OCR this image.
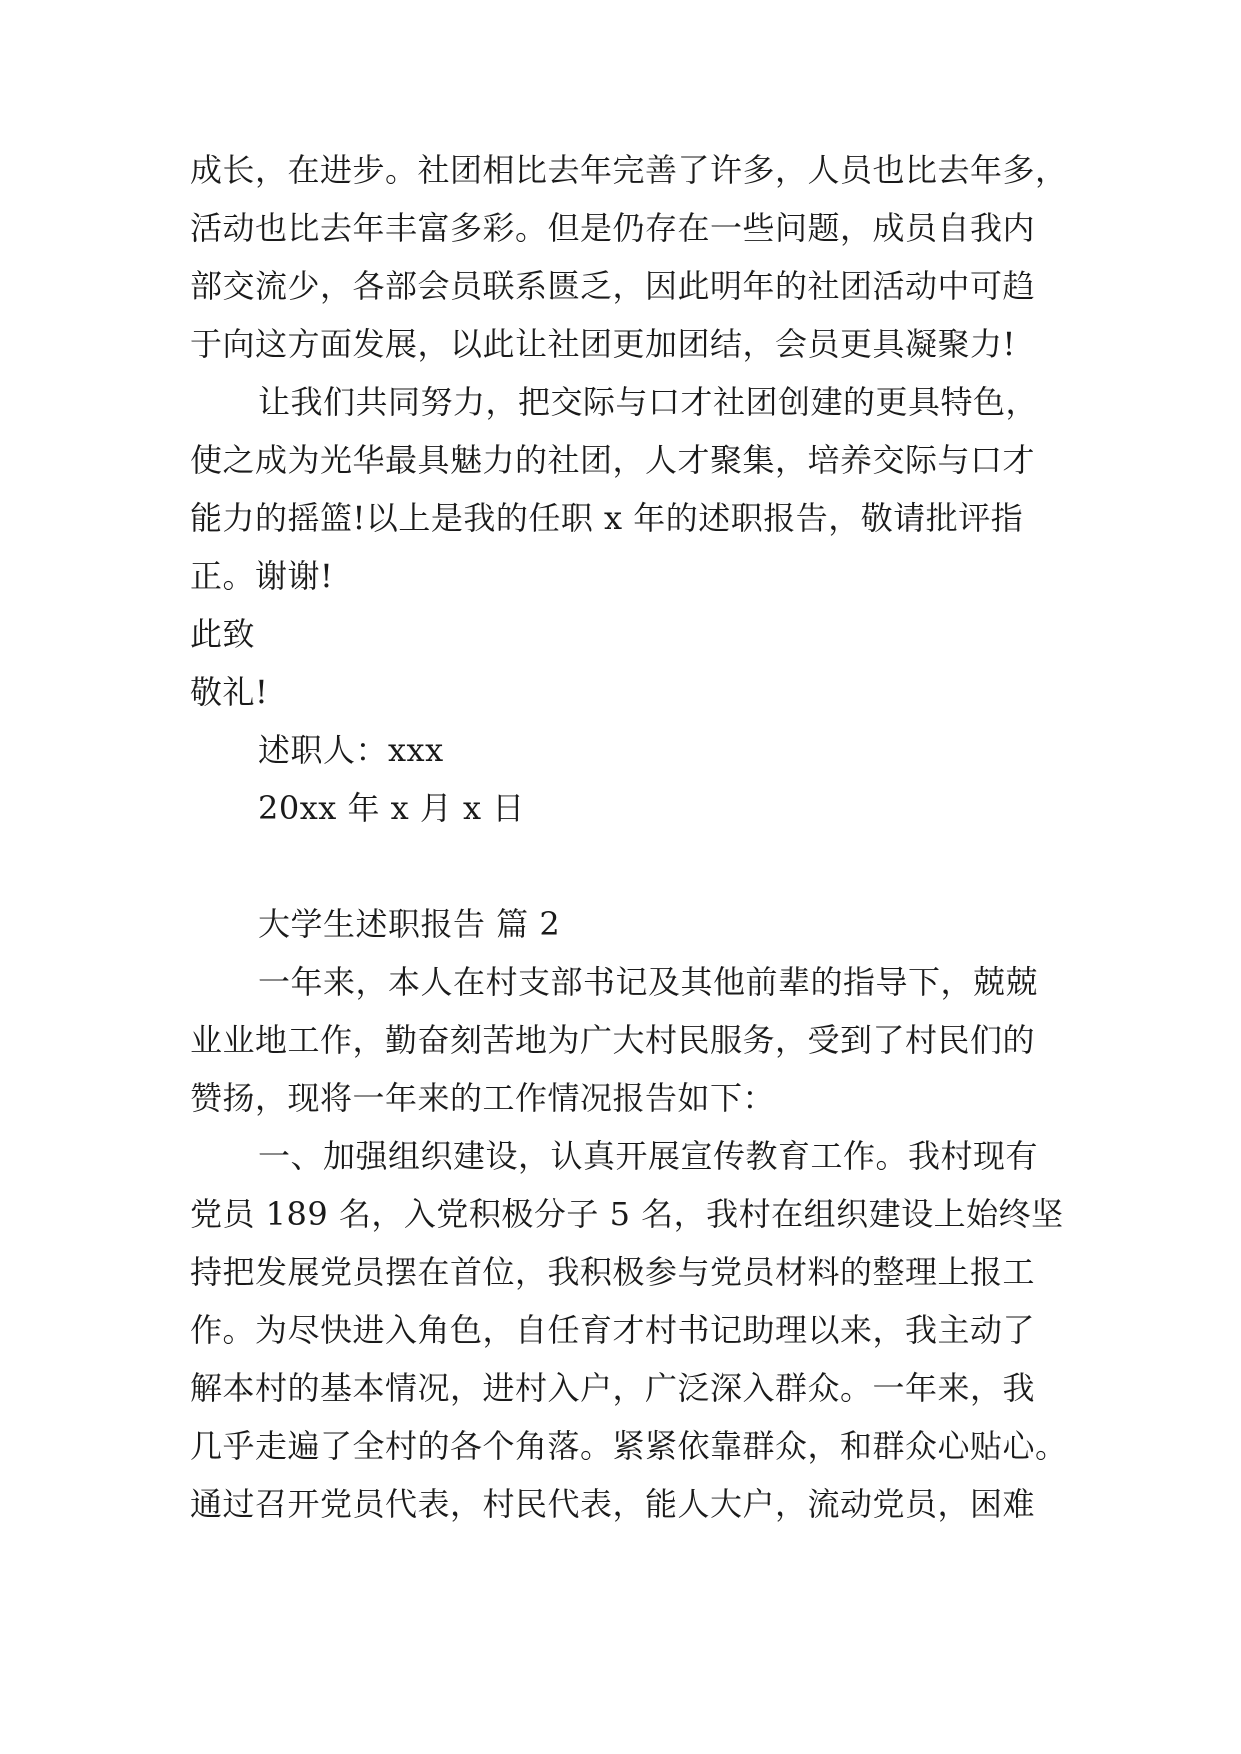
成长，在进步。社团相比去年完善了许多，人员也比去年多，
活动也比去年丰富多彩。但是仍存在一些问题，成员自我内
部交流少，各部会员联系匮乏，因此明年的社团活动中可趋
于向这方面发展，以此让社团更加团结，会员更具凝聚力!
让我们共同努力，把交际与口才社团创建的更具特色，
使之成为光华最具魅力的社团，人才聚集，培养交际与口才
能力的摇篮!以上是我的任职 x 年的述职报告，敬请批评指
正。谢谢!
此致
敬礼!
述职人：xxx
20xx 年 x 月 x 日
大学生述职报告 篇 2
一年来，本人在村支部书记及其他前辈的指导下，兢兢
业业地工作，勤奋刻苦地为广大村民服务，受到了村民们的
赞扬，现将一年来的工作情况报告如下：
一、加强组织建设，认真开展宣传教育工作。我村现有
党员 189 名，入党积极分子 5 名，我村在组织建设上始终坚
持把发展党员摆在首位，我积极参与党员材料的整理上报工
作。为尽快进入角色，自任育才村书记助理以来，我主动了
解本村的基本情况，进村入户，广泛深入群众。一年来，我
几乎走遍了全村的各个角落。紧紧依靠群众，和群众心贴心。
通过召开党员代表，村民代表，能人大户，流动党员，困难
